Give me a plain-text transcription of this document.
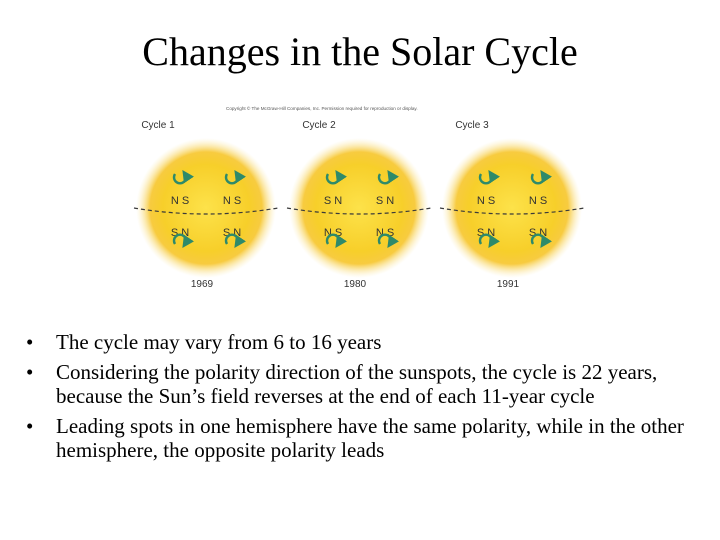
Changes in the Solar Cycle
Copyright © The McGraw-Hill Companies, Inc. Permission required for reproduction or display.
Cycle 1
1969
N S
S N
N S
S N
Cycle 2
1980
S N
N S
S N
N S
Cycle 3
1991
N S
S N
N S
S N
• The cycle may vary from 6 to 16 years
• Considering the polarity direction of the sunspots, the cycle is 22 years, because the Sun’s field reverses at the end of each 11-year cycle
• Leading spots in one hemisphere have the same polarity, while in the other hemisphere, the opposite polarity leads
